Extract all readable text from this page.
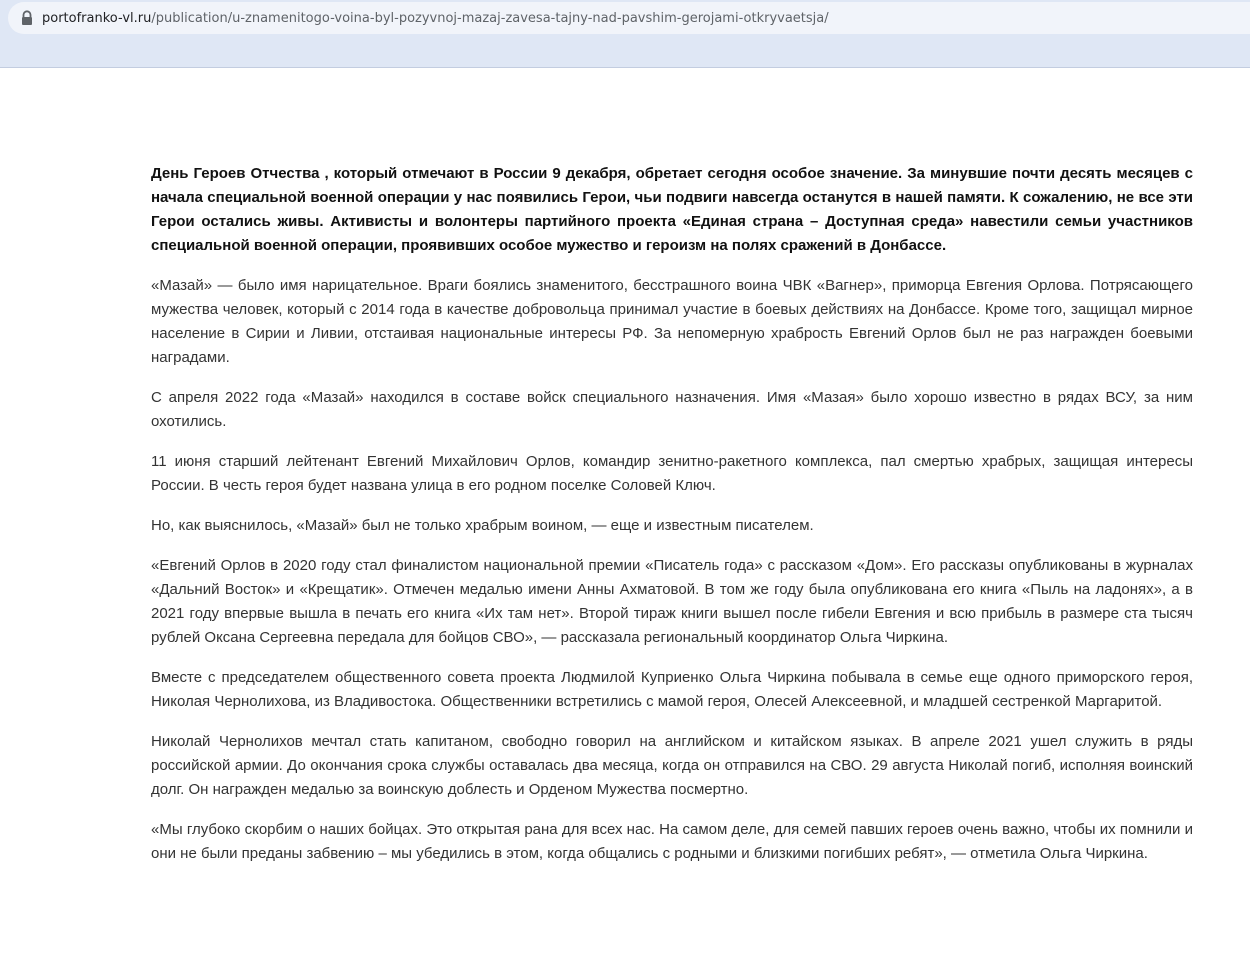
portofranko-vl.ru/publication/u-znamenitogo-voina-byl-pozyvnoj-mazaj-zavesa-tajny-nad-pavshim-gerojami-otkryvaetsja/

День Героев Отчества , который отмечают в России 9 декабря, обретает сегодня особое значение. За минувшие почти десять месяцев с начала специальной военной операции у нас появились Герои, чьи подвиги навсегда останутся в нашей памяти. К сожалению, не все эти Герои остались живы. Активисты и волонтеры партийного проекта «Единая страна – Доступная среда» навестили семьи участников специальной военной операции, проявивших особое мужество и героизм на полях сражений в Донбассе.

«Мазай» — было имя нарицательное. Враги боялись знаменитого, бесстрашного воина ЧВК «Вагнер», приморца Евгения Орлова. Потрясающего мужества человек, который с 2014 года в качестве добровольца принимал участие в боевых действиях на Донбассе. Кроме того, защищал мирное население в Сирии и Ливии, отстаивая национальные интересы РФ. За непомерную храбрость Евгений Орлов был не раз награжден боевыми наградами.

С апреля 2022 года «Мазай» находился в составе войск специального назначения. Имя «Мазая» было хорошо известно в рядах ВСУ, за ним охотились.

11 июня старший лейтенант Евгений Михайлович Орлов, командир зенитно-ракетного комплекса, пал смертью храбрых, защищая интересы России. В честь героя будет названа улица в его родном поселке Соловей Ключ.

Но, как выяснилось, «Мазай» был не только храбрым воином, — еще и известным писателем.

«Евгений Орлов в 2020 году стал финалистом национальной премии «Писатель года» с рассказом «Дом». Его рассказы опубликованы в журналах «Дальний Восток» и «Крещатик». Отмечен медалью имени Анны Ахматовой. В том же году была опубликована его книга «Пыль на ладонях», а в 2021 году впервые вышла в печать его книга «Их там нет». Второй тираж книги вышел после гибели Евгения и всю прибыль в размере ста тысяч рублей Оксана Сергеевна передала для бойцов СВО», — рассказала региональный координатор Ольга Чиркина.

Вместе с председателем общественного совета проекта Людмилой Куприенко Ольга Чиркина побывала в семье еще одного приморского героя, Николая Чернолихова, из Владивостока. Общественники встретились с мамой героя, Олесей Алексеевной, и младшей сестренкой Маргаритой.

Николай Чернолихов мечтал стать капитаном, свободно говорил на английском и китайском языках. В апреле 2021 ушел служить в ряды российской армии. До окончания срока службы оставалась два месяца, когда он отправился на СВО. 29 августа Николай погиб, исполняя воинский долг. Он награжден медалью за воинскую доблесть и Орденом Мужества посмертно.

«Мы глубоко скорбим о наших бойцах. Это открытая рана для всех нас. На самом деле, для семей павших героев очень важно, чтобы их помнили и они не были преданы забвению – мы убедились в этом, когда общались с родными и близкими погибших ребят», — отметила Ольга Чиркина.
